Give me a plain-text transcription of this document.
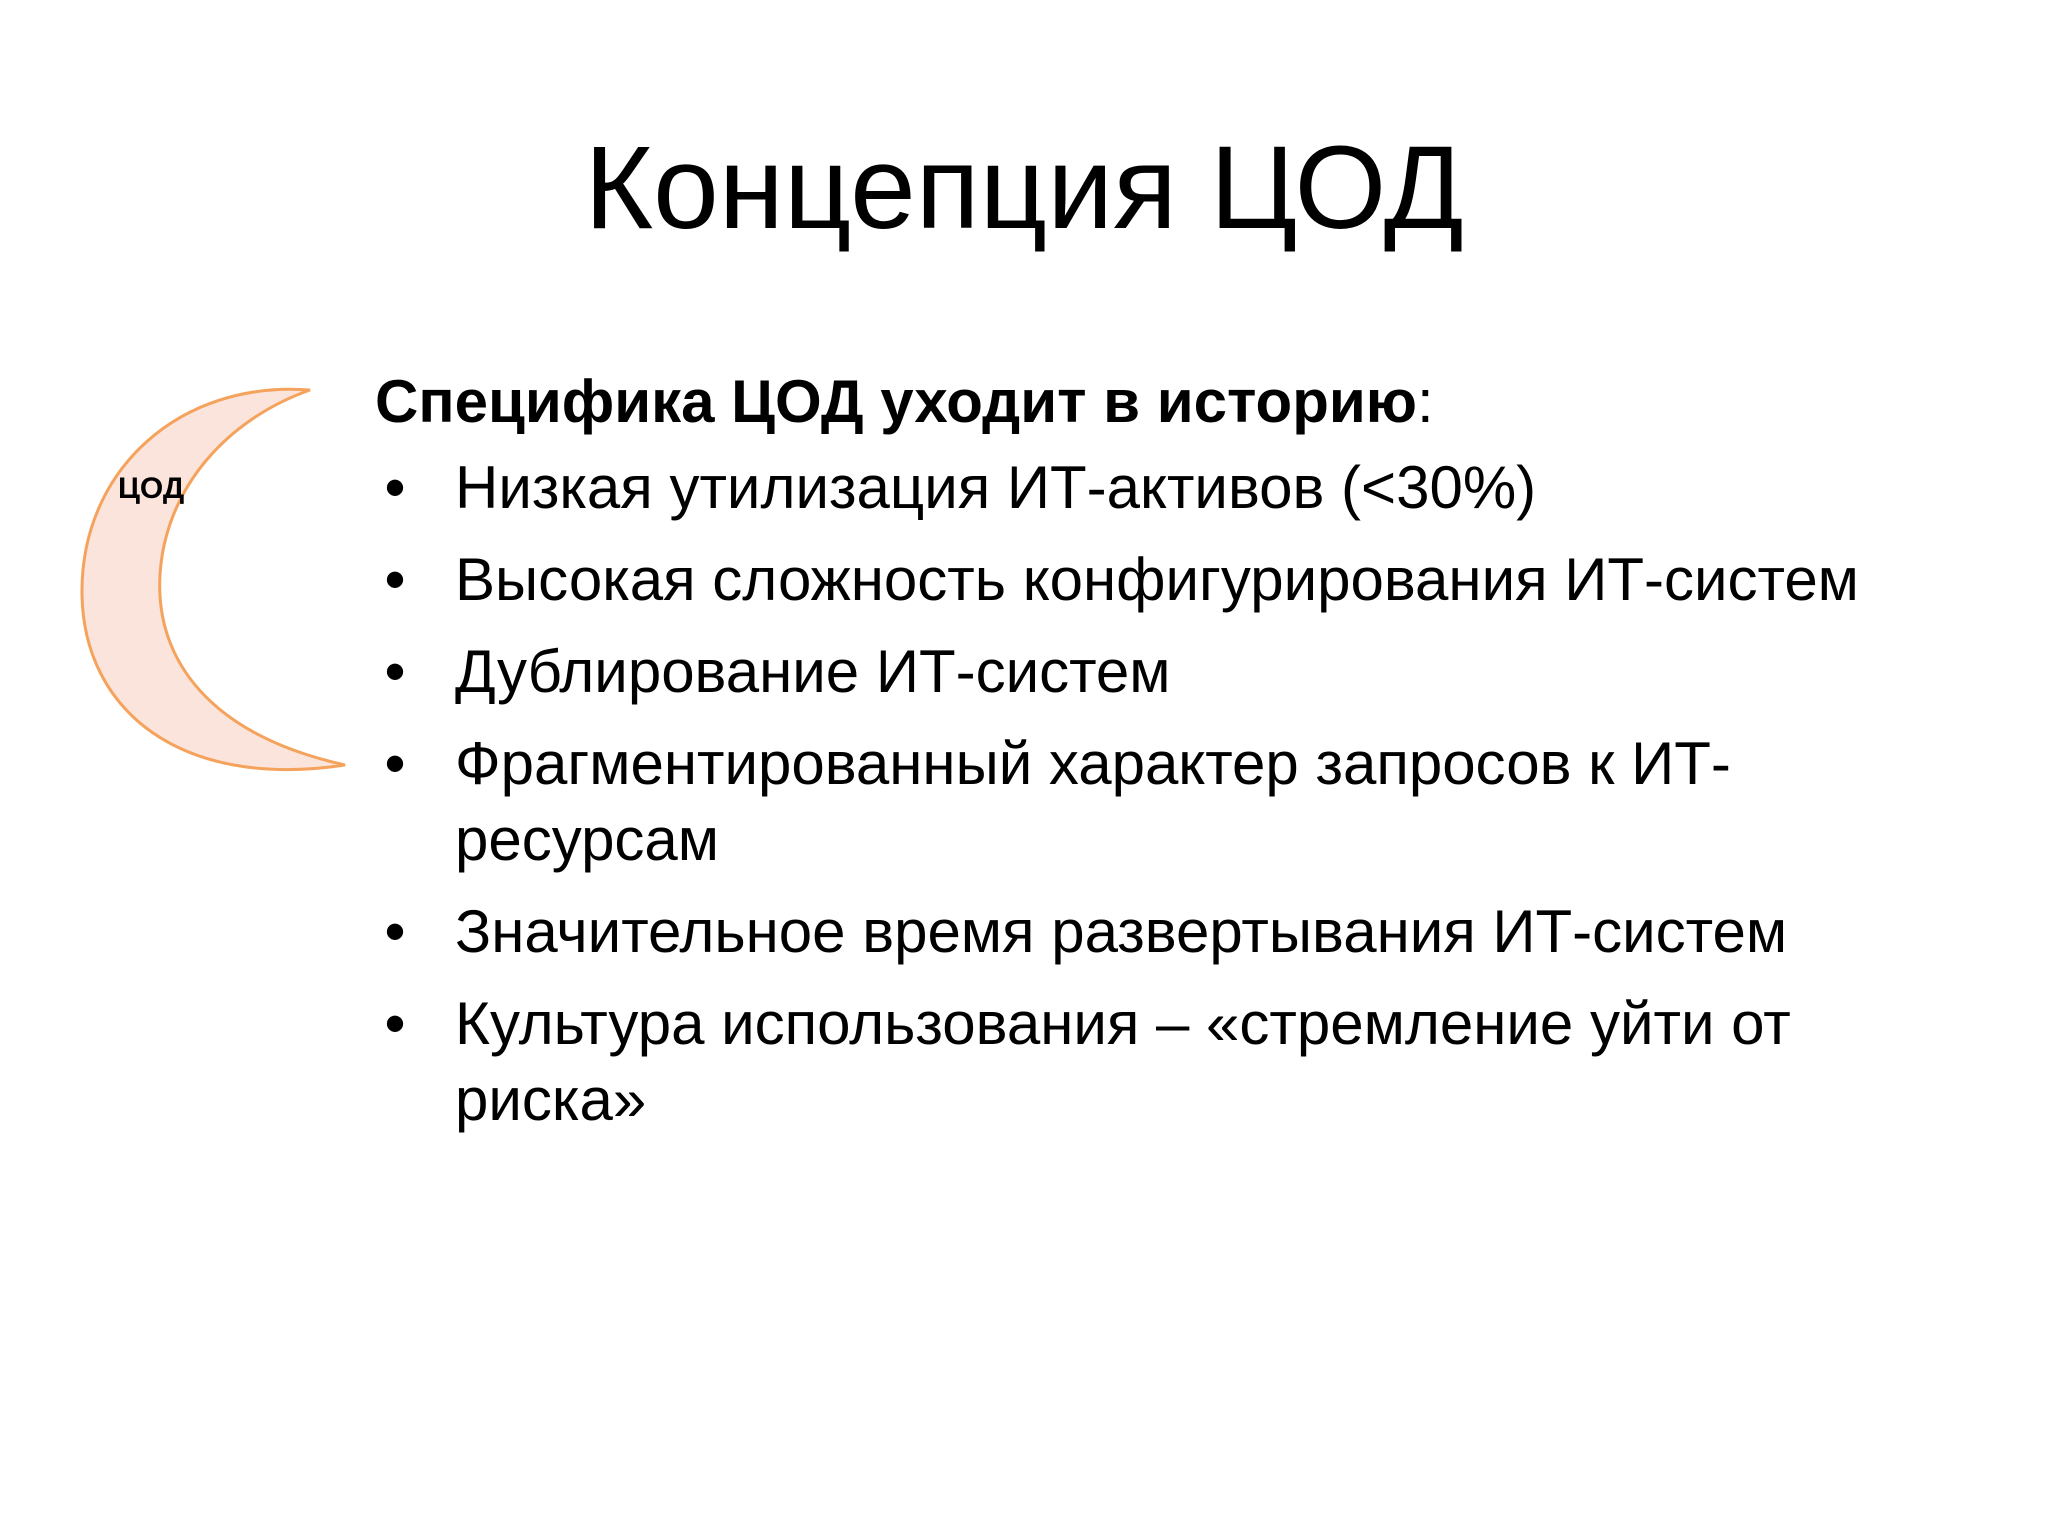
Концепция ЦОД
ЦОД
Специфика ЦОД уходит в историю:
• Низкая утилизация ИТ-активов (<30%)
• Высокая сложность конфигурирования ИТ-систем
• Дублирование ИТ-систем
• Фрагментированный характер запросов к ИТ-ресурсам
• Значительное время развертывания ИТ-систем
• Культура использования – «стремление уйти от риска»
